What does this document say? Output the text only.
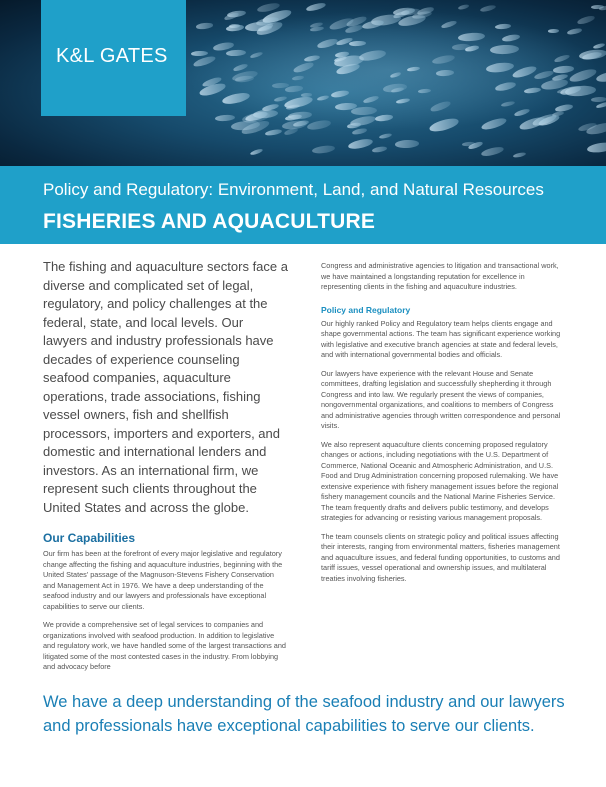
K&L GATES
Policy and Regulatory: Environment, Land, and Natural Resources
FISHERIES AND AQUACULTURE

The fishing and aquaculture sectors face a diverse and complicated set of legal, regulatory, and policy challenges at the federal, state, and local levels. Our lawyers and industry professionals have decades of experience counseling seafood companies, aquaculture operations, trade associations, fishing vessel owners, fish and shellfish processors, importers and exporters, and domestic and international lenders and investors. As an international firm, we represent such clients throughout the United States and across the globe.

Our Capabilities

Our firm has been at the forefront of every major legislative and regulatory change affecting the fishing and aquaculture industries, beginning with the United States' passage of the Magnuson-Stevens Fishery Conservation and Management Act in 1976. We have a deep understanding of the seafood industry and our lawyers and professionals have exceptional capabilities to serve our clients.

We provide a comprehensive set of legal services to companies and organizations involved with seafood production. In addition to legislative and regulatory work, we have handled some of the largest transactions and litigated some of the most contested cases in the industry. From lobbying and advocacy before

Congress and administrative agencies to litigation and transactional work, we have maintained a longstanding reputation for excellence in representing clients in the fishing and aquaculture industries.

Policy and Regulatory

Our highly ranked Policy and Regulatory team helps clients engage and shape governmental actions. The team has significant experience working with legislative and executive branch agencies at state and federal levels, and with international governmental bodies and officials.

Our lawyers have experience with the relevant House and Senate committees, drafting legislation and successfully shepherding it through Congress and into law. We regularly present the views of companies, nongovernmental organizations, and coalitions to members of Congress and administrative agencies through written correspondence and personal visits.

We also represent aquaculture clients concerning proposed regulatory changes or actions, including negotiations with the U.S. Department of Commerce, National Oceanic and Atmospheric Administration, and U.S. Food and Drug Administration concerning proposed rulemaking. We have extensive experience with fishery management issues before the regional fishery management councils and the National Marine Fisheries Service. The team frequently drafts and delivers public testimony, and develops strategies for advancing or resisting various management proposals.

The team counsels clients on strategic policy and political issues affecting their interests, ranging from environmental matters, fisheries management and aquaculture issues, and federal funding opportunities, to customs and tariff issues, vessel operational and ownership issues, and multilateral treaties involving fisheries.

We have a deep understanding of the seafood industry and our lawyers and professionals have exceptional capabilities to serve our clients.
